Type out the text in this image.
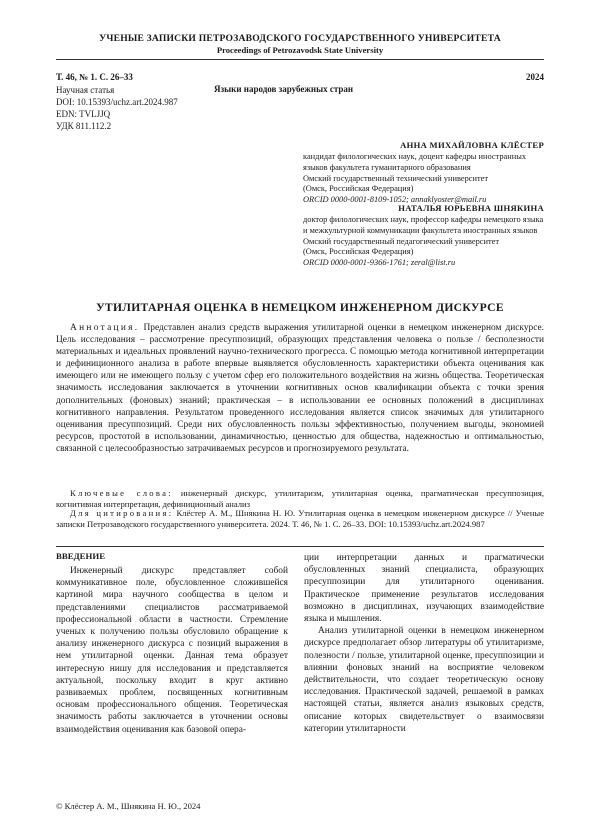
УЧЕНЫЕ ЗАПИСКИ ПЕТРОЗАВОДСКОГО ГОСУДАРСТВЕННОГО УНИВЕРСИТЕТА
Proceedings of Petrozavodsk State University
Т. 46, № 1. С. 26–33	2024
Научная статья	Языки народов зарубежных стран
DOI: 10.15393/uchz.art.2024.987
EDN: TVLJJQ
УДК 811.112.2
АННА МИХАЙЛОВНА КЛЁСТЕР
кандидат филологических наук, доцент кафедры иностранных языков факультета гуманитарного образования
Омский государственный технический университет
(Омск, Российская Федерация)
ORCID 0000-0001-8109-1052; annaklyoster@mail.ru
НАТАЛЬЯ ЮРЬЕВНА ШНЯКИНА
доктор филологических наук, профессор кафедры немецкого языка и межкультурной коммуникации факультета иностранных языков
Омский государственный педагогический университет
(Омск, Российская Федерация)
ORCID 0000-0001-9366-1761; zeral@list.ru
УТИЛИТАРНАЯ ОЦЕНКА В НЕМЕЦКОМ ИНЖЕНЕРНОМ ДИСКУРСЕ
Аннотация. Представлен анализ средств выражения утилитарной оценки в немецком инженерном дискурсе. Цель исследования – рассмотрение пресуппозиций, образующих представления человека о пользе / бесполезности материальных и идеальных проявлений научно-технического прогресса. С помощью метода когнитивной интерпретации и дефиниционного анализа в работе впервые выявляется обусловленность характеристики объекта оценивания как имеющего или не имеющего пользу с учетом сфер его положительного воздействия на жизнь общества. Теоретическая значимость исследования заключается в уточнении когнитивных основ квалификации объекта с точки зрения дополнительных (фоновых) знаний; практическая – в использовании ее основных положений в дисциплинах когнитивного направления. Результатом проведенного исследования является список значимых для утилитарного оценивания пресуппозиций. Среди них обусловленность пользы эффективностью, получением выгоды, экономией ресурсов, простотой в использовании, динамичностью, ценностью для общества, надежностью и оптимальностью, связанной с целесообразностью затрачиваемых ресурсов и прогнозируемого результата.
Ключевые слова: инженерный дискурс, утилитаризм, утилитарная оценка, прагматическая пресуппозиция, когнитивная интерпретация, дефиниционный анализ
Для цитирования: Клёстер А. М., Шнякина Н. Ю. Утилитарная оценка в немецком инженерном дискурсе // Ученые записки Петрозаводского государственного университета. 2024. Т. 46, № 1. С. 26–33. DOI: 10.15393/uchz.art.2024.987
ВВЕДЕНИЕ
Инженерный дискурс представляет собой коммуникативное поле, обусловленное сложившейся картиной мира научного сообщества в целом и представлениями специалистов рассматриваемой профессиональной области в частности. Стремление ученых к получению пользы обусловило обращение к анализу инженерного дискурса с позиций выражения в нем утилитарной оценки. Данная тема образует интересную нишу для исследования и представляется актуальной, поскольку входит в круг активно развиваемых проблем, посвященных когнитивным основам профессионального общения. Теоретическая значимость работы заключается в уточнении основы взаимодействия оценивания как базовой опера-

ции интерпретации данных и прагматически обусловленных знаний специалиста, образующих пресуппозиции для утилитарного оценивания. Практическое применение результатов исследования возможно в дисциплинах, изучающих взаимодействие языка и мышления.

Анализ утилитарной оценки в немецком инженерном дискурсе предполагает обзор литературы об утилитаризме, полезности / пользе, утилитарной оценке, пресуппозиции и влиянии фоновых знаний на восприятие человеком действительности, что создает теоретическую основу исследования. Практической задачей, решаемой в рамках настоящей статьи, является анализ языковых средств, описание которых свидетельствует о взаимосвязи категории утилитарности

© Клёстер А. М., Шнякина Н. Ю., 2024
